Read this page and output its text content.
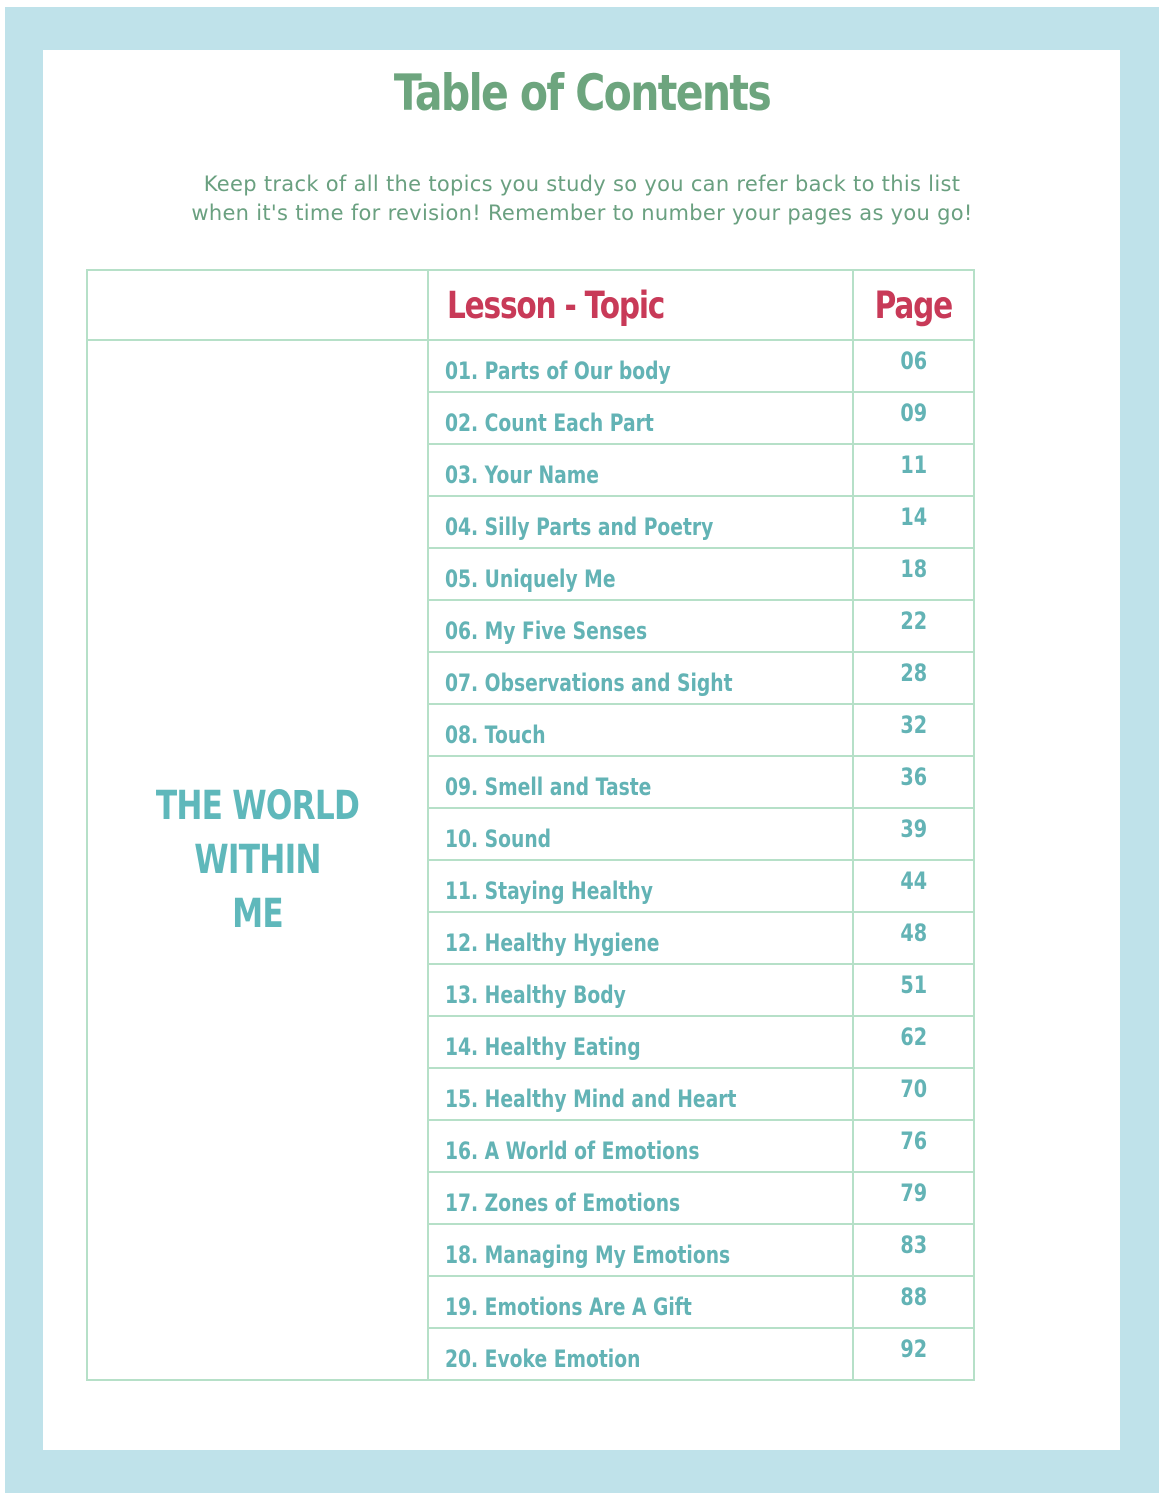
Table of Contents
Keep track of all the topics you study so you can refer back to this list
when it's time for revision! Remember to number your pages as you go!
	Lesson - Topic	Page

THE WORLD
WITHIN
ME	01. Parts of Our body	06
	02. Count Each Part	09
	03. Your Name	11
	04. Silly Parts and Poetry	14
	05. Uniquely Me	18
	06. My Five Senses	22
	07. Observations and Sight	28
	08. Touch	32
	09. Smell and Taste	36
	10. Sound	39
	11. Staying Healthy	44
	12. Healthy Hygiene	48
	13. Healthy Body	51
	14. Healthy Eating	62
	15. Healthy Mind and Heart	70
	16. A World of Emotions	76
	17. Zones of Emotions	79
	18. Managing My Emotions	83
	19. Emotions Are A Gift	88
	20. Evoke Emotion	92
